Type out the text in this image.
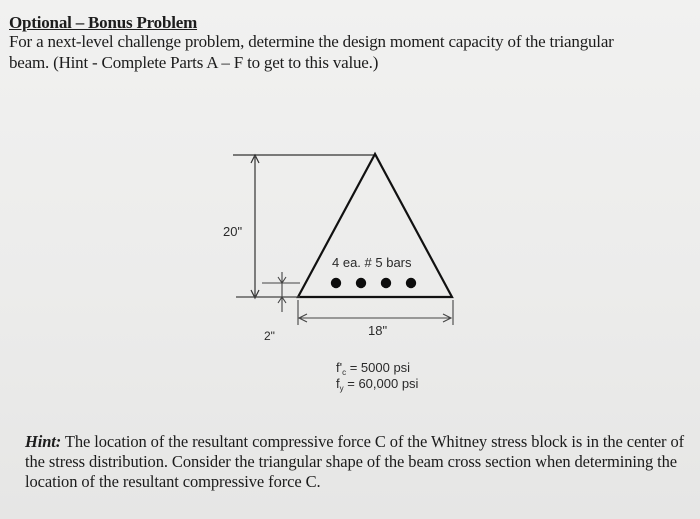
Optional – Bonus Problem
For a next-level challenge problem, determine the design moment capacity of the triangular beam. (Hint - Complete Parts A – F to get to this value.)
20"
2"
4 ea. # 5 bars
18"
$f'_c = 5000$ psi
$f_y = 60,000$ psi
Hint: The location of the resultant compressive force C of the Whitney stress block is in the center of the stress distribution. Consider the triangular shape of the beam cross section when determining the location of the resultant compressive force C.
